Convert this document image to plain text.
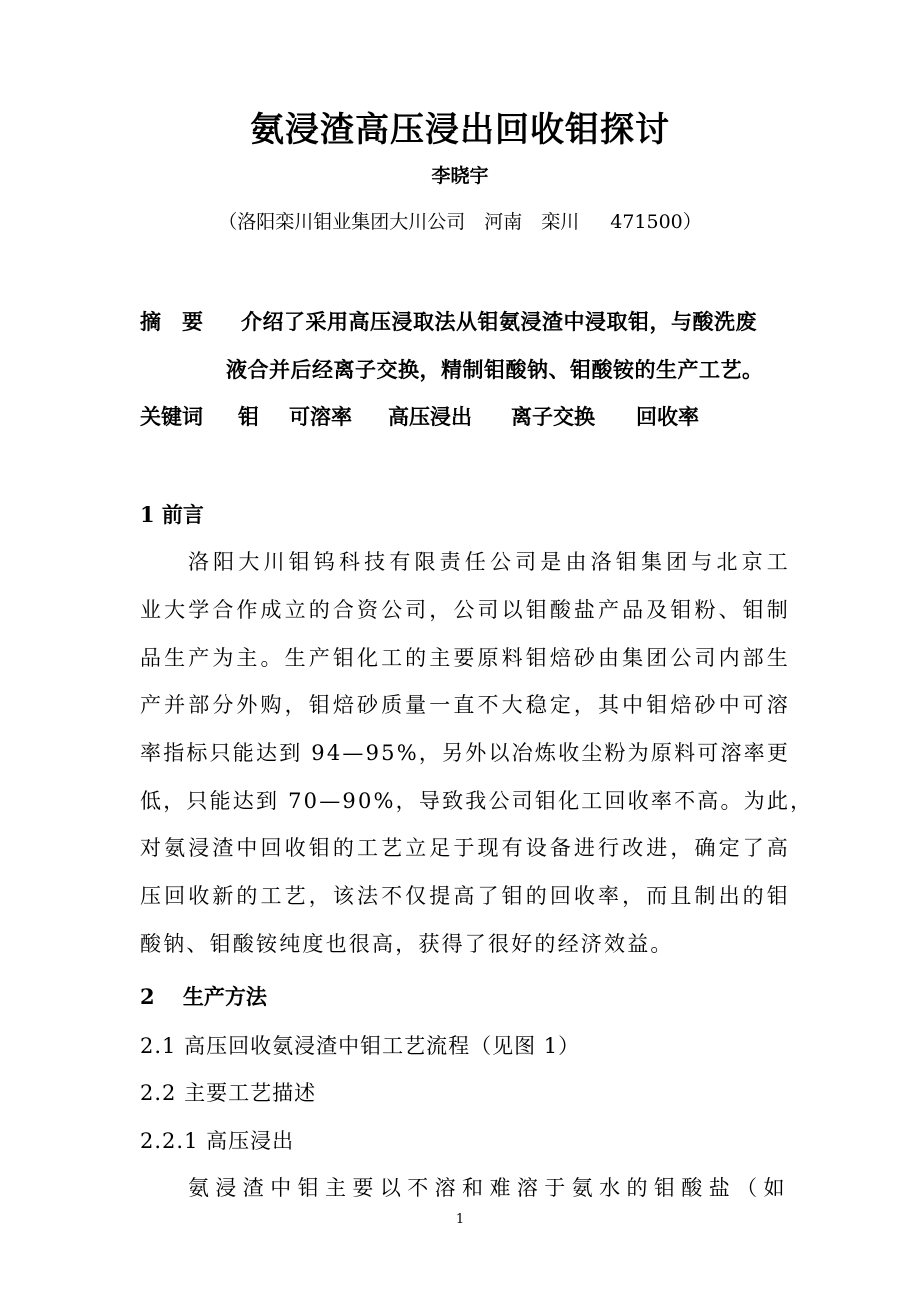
氨浸渣高压浸出回收钼探讨
李晓宇
（洛阳栾川钼业集团大川公司　河南　栾川　 471500）
摘　要 介绍了采用高压浸取法从钼氨浸渣中浸取钼，与酸洗废
液合并后经离子交换，精制钼酸钠、钼酸铵的生产工艺。
关键词 钼 可溶率 高压浸出 离子交换 回收率
1 前言
洛阳大川钼钨科技有限责任公司是由洛钼集团与北京工
业大学合作成立的合资公司，公司以钼酸盐产品及钼粉、钼制
品生产为主。生产钼化工的主要原料钼焙砂由集团公司内部生
产并部分外购，钼焙砂质量一直不大稳定，其中钼焙砂中可溶
率指标只能达到 94—95%，另外以冶炼收尘粉为原料可溶率更
低，只能达到 70—90%，导致我公司钼化工回收率不高。为此，
对氨浸渣中回收钼的工艺立足于现有设备进行改进，确定了高
压回收新的工艺，该法不仅提高了钼的回收率，而且制出的钼
酸钠、钼酸铵纯度也很高，获得了很好的经济效益。
2　 生产方法
2.1 高压回收氨浸渣中钼工艺流程（见图 1）
2.2 主要工艺描述
2.2.1 高压浸出
氨浸渣中钼主要以不溶和难溶于氨水的钼酸盐（如
1
